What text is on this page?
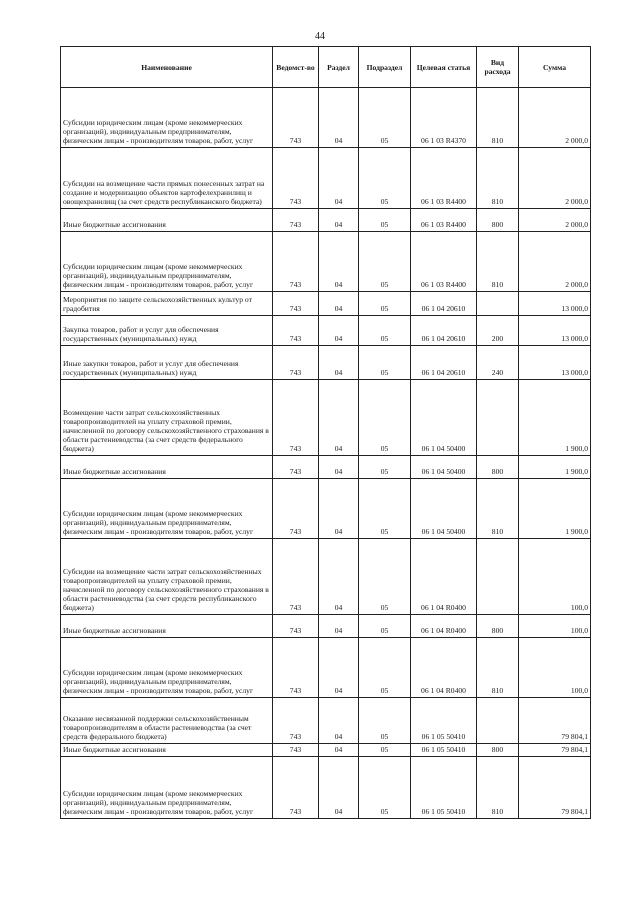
44
Наименование	Ведомст-во	Раздел	Подраздел	Целевая статья	Вид расхода	Сумма
Субсидии юридическим лицам (кроме некоммерческих организаций), индивидуальным предпринимателям, физическим лицам - производителям товаров, работ, услуг	743	04	05	06 1 03 R4370	810	2 000,0
Субсидии на возмещение части прямых понесенных затрат на создание и модернизацию объектов картофелехранилищ и овощехранилищ (за счет средств республиканского бюджета)	743	04	05	06 1 03 R4400	810	2 000,0
Иные бюджетные ассигнования	743	04	05	06 1 03 R4400	800	2 000,0
Субсидии юридическим лицам (кроме некоммерческих организаций), индивидуальным предпринимателям, физическим лицам - производителям товаров, работ, услуг	743	04	05	06 1 03 R4400	810	2 000,0
Мероприятия по защите сельскохозяйственных культур от градобития	743	04	05	06 1 04 20610		13 000,0
Закупка товаров, работ и услуг для обеспечения государственных (муниципальных) нужд	743	04	05	06 1 04 20610	200	13 000,0
Иные закупки товаров, работ и услуг для обеспечения государственных (муниципальных) нужд	743	04	05	06 1 04 20610	240	13 000,0
Возмещение части затрат сельскохозяйственных товаропроизводителей на уплату страховой премии, начисленной по договору сельскохозяйственного страхования в области растениеводства (за счет средств федерального бюджета)	743	04	05	06 1 04 50400		1 900,0
Иные бюджетные ассигнования	743	04	05	06 1 04 50400	800	1 900,0
Субсидии юридическим лицам (кроме некоммерческих организаций), индивидуальным предпринимателям, физическим лицам - производителям товаров, работ, услуг	743	04	05	06 1 04 50400	810	1 900,0
Субсидии на возмещение части затрат сельскохозяйственных товаропроизводителей на уплату страховой премии, начисленной по договору сельскохозяйственного страхования в области растениеводства (за счет средств республиканского бюджета)	743	04	05	06 1 04 R0400		100,0
Иные бюджетные ассигнования	743	04	05	06 1 04 R0400	800	100,0
Субсидии юридическим лицам (кроме некоммерческих организаций), индивидуальным предпринимателям, физическим лицам - производителям товаров, работ, услуг	743	04	05	06 1 04 R0400	810	100,0
Оказание несвязанной поддержки сельскохозяйственным товаропроизводителям в области растениеводства (за счет средств федерального бюджета)	743	04	05	06 1 05 50410		79 804,1
Иные бюджетные ассигнования	743	04	05	06 1 05 50410	800	79 804,1
Субсидии юридическим лицам (кроме некоммерческих организаций), индивидуальным предпринимателям, физическим лицам - производителям товаров, работ, услуг	743	04	05	06 1 05 50410	810	79 804,1
